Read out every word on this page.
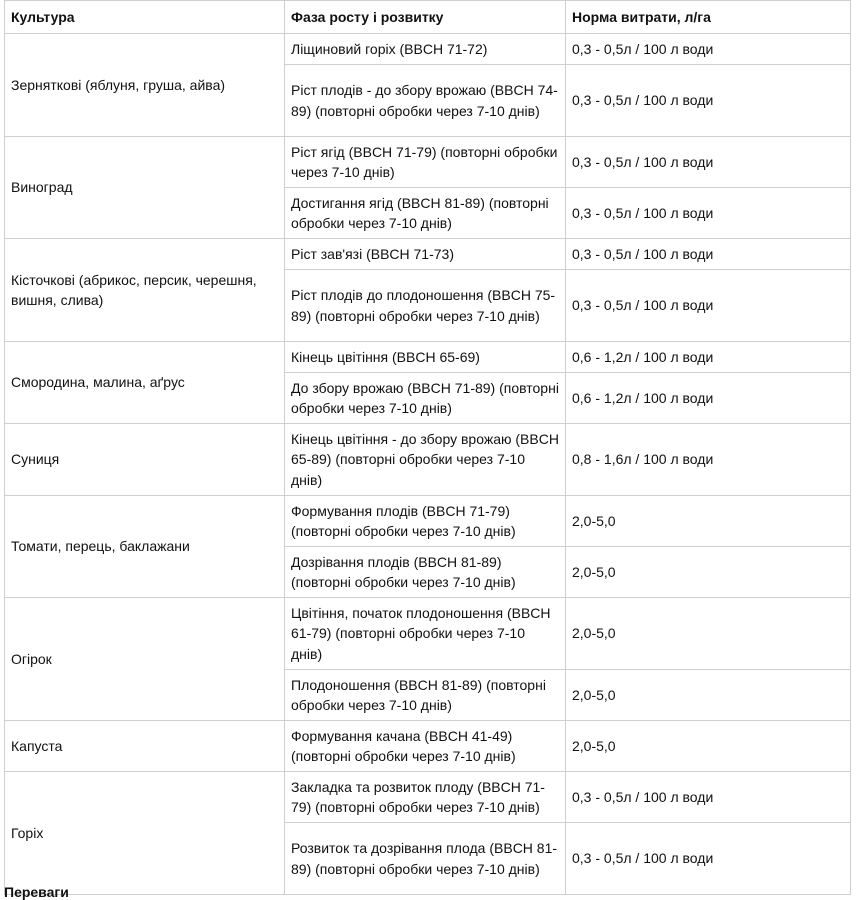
Культура	Фаза росту і розвитку	Норма витрати, л/га
Зерняткові (яблуня, груша, айва)	Ліщиновий горіх (BBCH 71-72)	0,3 - 0,5л / 100 л води
	Ріст плодів - до збору врожаю (BBCH 74-89) (повторні обробки через 7-10 днів)	0,3 - 0,5л / 100 л води
Виноград	Ріст ягід (BBCH 71-79) (повторні обробки через 7-10 днів)	0,3 - 0,5л / 100 л води
	Достигання ягід (BBCH 81-89) (повторні обробки через 7-10 днів)	0,3 - 0,5л / 100 л води
Кісточкові (абрикос, персик, черешня, вишня, слива)	Ріст зав'язі (BBCH 71-73)	0,3 - 0,5л / 100 л води
	Ріст плодів до плодоношення (BBCH 75-89) (повторні обробки через 7-10 днів)	0,3 - 0,5л / 100 л води
Смородина, малина, аґрус	Кінець цвітіння (BBCH 65-69)	0,6 - 1,2л / 100 л води
	До збору врожаю (BBCH 71-89) (повторні обробки через 7-10 днів)	0,6 - 1,2л / 100 л води
Суниця	Кінець цвітіння - до збору врожаю (BBCH 65-89) (повторні обробки через 7-10 днів)	0,8 - 1,6л / 100 л води
Томати, перець, баклажани	Формування плодів (BBCH 71-79) (повторні обробки через 7-10 днів)	2,0-5,0
	Дозрівання плодів (BBCH 81-89) (повторні обробки через 7-10 днів)	2,0-5,0
Огірок	Цвітіння, початок плодоношення (BBCH 61-79) (повторні обробки через 7-10 днів)	2,0-5,0
	Плодоношення (BBCH 81-89) (повторні обробки через 7-10 днів)	2,0-5,0
Капуста	Формування качана (BBCH 41-49) (повторні обробки через 7-10 днів)	2,0-5,0
Горіх	Закладка та розвиток плоду (BBCH 71-79) (повторні обробки через 7-10 днів)	0,3 - 0,5л / 100 л води
	Розвиток та дозрівання плода (BBCH 81-89) (повторні обробки через 7-10 днів)	0,3 - 0,5л / 100 л води
Переваги
